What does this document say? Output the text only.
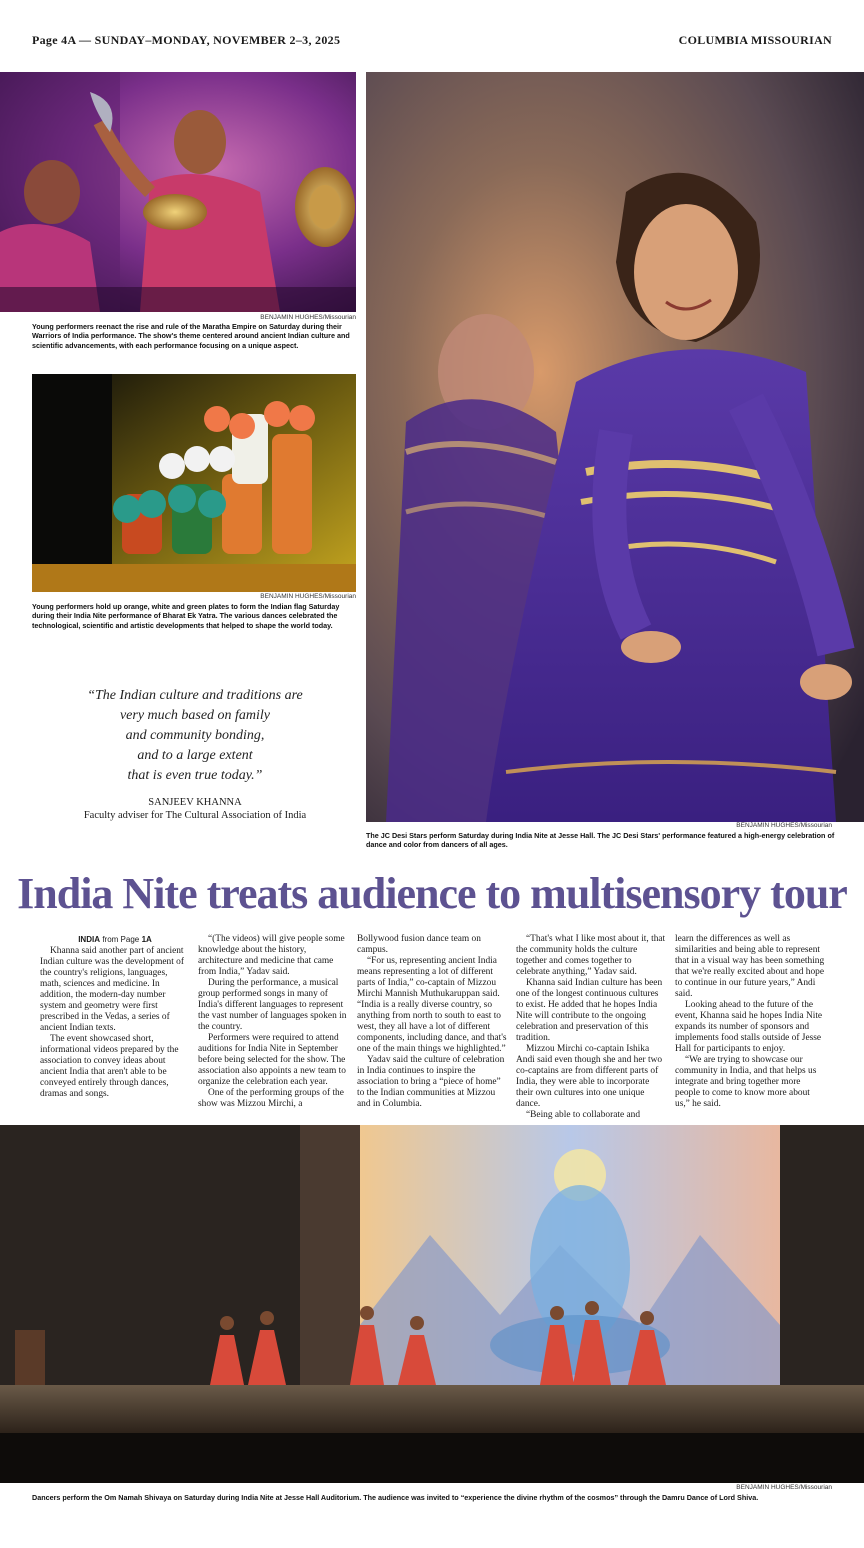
Page 4A — SUNDAY–MONDAY, NOVEMBER 2–3, 2025	COLUMBIA MISSOURIAN
BENJAMIN HUGHES/Missourian
Young performers reenact the rise and rule of the Maratha Empire on Saturday during their Warriors of India performance. The show's theme centered around ancient Indian culture and scientific advancements, with each performance focusing on a unique aspect.
BENJAMIN HUGHES/Missourian
Young performers hold up orange, white and green plates to form the Indian flag Saturday during their India Nite performance of Bharat Ek Yatra. The various dances celebrated the technological, scientific and artistic developments that helped to shape the world today.
“The Indian culture and traditions are
very much based on family
and community bonding,
and to a large extent
that is even true today.”
SANJEEV KHANNA
Faculty adviser for The Cultural Association of India
BENJAMIN HUGHES/Missourian
The JC Desi Stars perform Saturday during India Nite at Jesse Hall. The JC Desi Stars' performance featured a high-energy celebration of dance and color from dancers of all ages.
India Nite treats audience to multisensory tour

INDIA from Page 1A

Khanna said another part of ancient Indian culture was the development of the country's religions, languages, math, sciences and medicine. In addition, the modern-day number system and geometry were first prescribed in the Vedas, a series of ancient Indian texts.

The event showcased short, informational videos prepared by the association to convey ideas about ancient India that aren't able to be conveyed entirely through dances, dramas and songs.

“(The videos) will give people some knowledge about the history, architecture and medicine that came from India,” Yadav said.

During the performance, a musical group performed songs in many of India's different languages to represent the vast number of languages spoken in the country.

Performers were required to attend auditions for India Nite in September before being selected for the show. The association also appoints a new team to organize the celebration each year.

One of the performing groups of the show was Mizzou Mirchi, a

Bollywood fusion dance team on campus.

“For us, representing ancient India means representing a lot of different parts of India,” co-captain of Mizzou Mirchi Mannish Muthukaruppan said. “India is a really diverse country, so anything from north to south to east to west, they all have a lot of different components, including dance, and that's one of the main things we highlighted.”

Yadav said the culture of celebration in India continues to inspire the association to bring a “piece of home” to the Indian communities at Mizzou and in Columbia.

“That's what I like most about it, that the community holds the culture together and comes together to celebrate anything,” Yadav said.

Khanna said Indian culture has been one of the longest continuous cultures to exist. He added that he hopes India Nite will contribute to the ongoing celebration and preservation of this tradition.

Mizzou Mirchi co-captain Ishika Andi said even though she and her two co-captains are from different parts of India, they were able to incorporate their own cultures into one unique dance.

“Being able to collaborate and

learn the differences as well as similarities and being able to represent that in a visual way has been something that we're really excited about and hope to continue in our future years,” Andi said.

Looking ahead to the future of the event, Khanna said he hopes India Nite expands its number of sponsors and implements food stalls outside of Jesse Hall for participants to enjoy.

“We are trying to showcase our community in India, and that helps us integrate and bring together more people to come to know more about us,” he said.

BENJAMIN HUGHES/Missourian
Dancers perform the Om Namah Shivaya on Saturday during India Nite at Jesse Hall Auditorium. The audience was invited to “experience the divine rhythm of the cosmos” through the Damru Dance of Lord Shiva.
